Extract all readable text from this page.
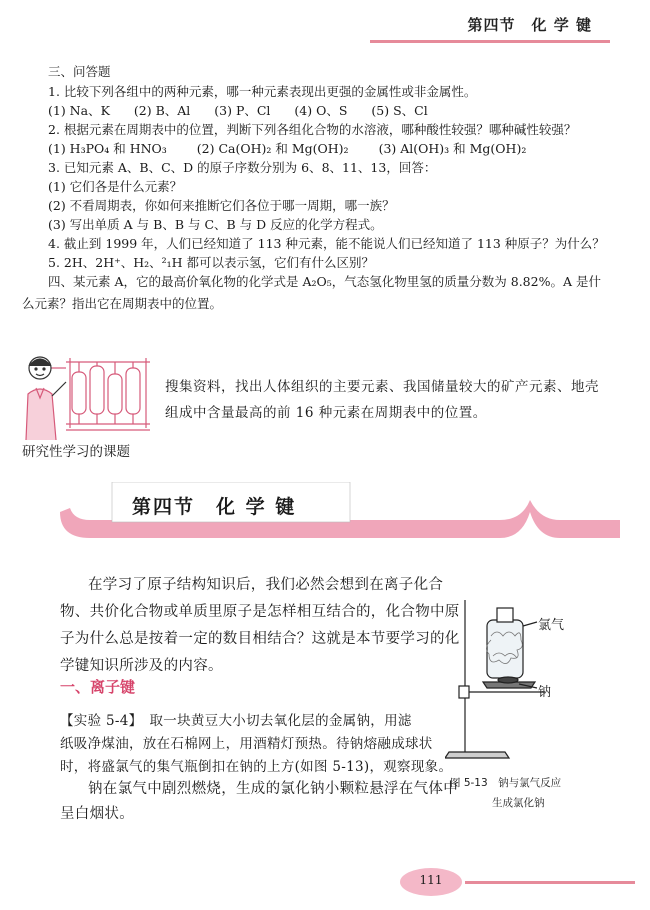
第四节　化 学 键
三、问答题
1. 比较下列各组中的两种元素，哪一种元素表现出更强的金属性或非金属性。
(1) Na、K (2) B、Al (3) P、Cl (4) O、S (5) S、Cl
2. 根据元素在周期表中的位置，判断下列各组化合物的水溶液，哪种酸性较强？哪种碱性较强？
(1) H₃PO₄ 和 HNO₃ (2) Ca(OH)₂ 和 Mg(OH)₂ (3) Al(OH)₃ 和 Mg(OH)₂
3. 已知元素 A、B、C、D 的原子序数分别为 6、8、11、13，回答：
(1) 它们各是什么元素？
(2) 不看周期表，你如何来推断它们各位于哪一周期，哪一族？
(3) 写出单质 A 与 B、B 与 C、B 与 D 反应的化学方程式。
4. 截止到 1999 年，人们已经知道了 113 种元素，能不能说人们已经知道了 113 种原子？为什么？
5. 2H、2H⁺、H₂、²₁H 都可以表示氢，它们有什么区别？
四、某元素 A，它的最高价氧化物的化学式是 A₂O₅，气态氢化物里氢的质量分数为 8.82%。A 是什
么元素？指出它在周期表中的位置。
搜集资料，找出人体组织的主要元素、我国储量较大的矿产元素、地壳组成中含量最高的前 16 种元素在周期表中的位置。
研究性学习的课题
第四节　化 学 键
在学习了原子结构知识后，我们必然会想到在离子化合
物、共价化合物或单质里原子是怎样相互结合的，化合物中原
子为什么总是按着一定的数目相结合？这就是本节要学习的化
学键知识所涉及的内容。
一、离子键
【实验 5-4】　取一块黄豆大小切去氧化层的金属钠，用滤
纸吸净煤油，放在石棉网上，用酒精灯预热。待钠熔融成球状
时，将盛氯气的集气瓶倒扣在钠的上方(如图 5-13)，观察现象。
钠在氯气中剧烈燃烧，生成的氯化钠小颗粒悬浮在气体中
呈白烟状。
氯气
钠
图 5-13　钠与氯气反应
生成氯化钠
111
